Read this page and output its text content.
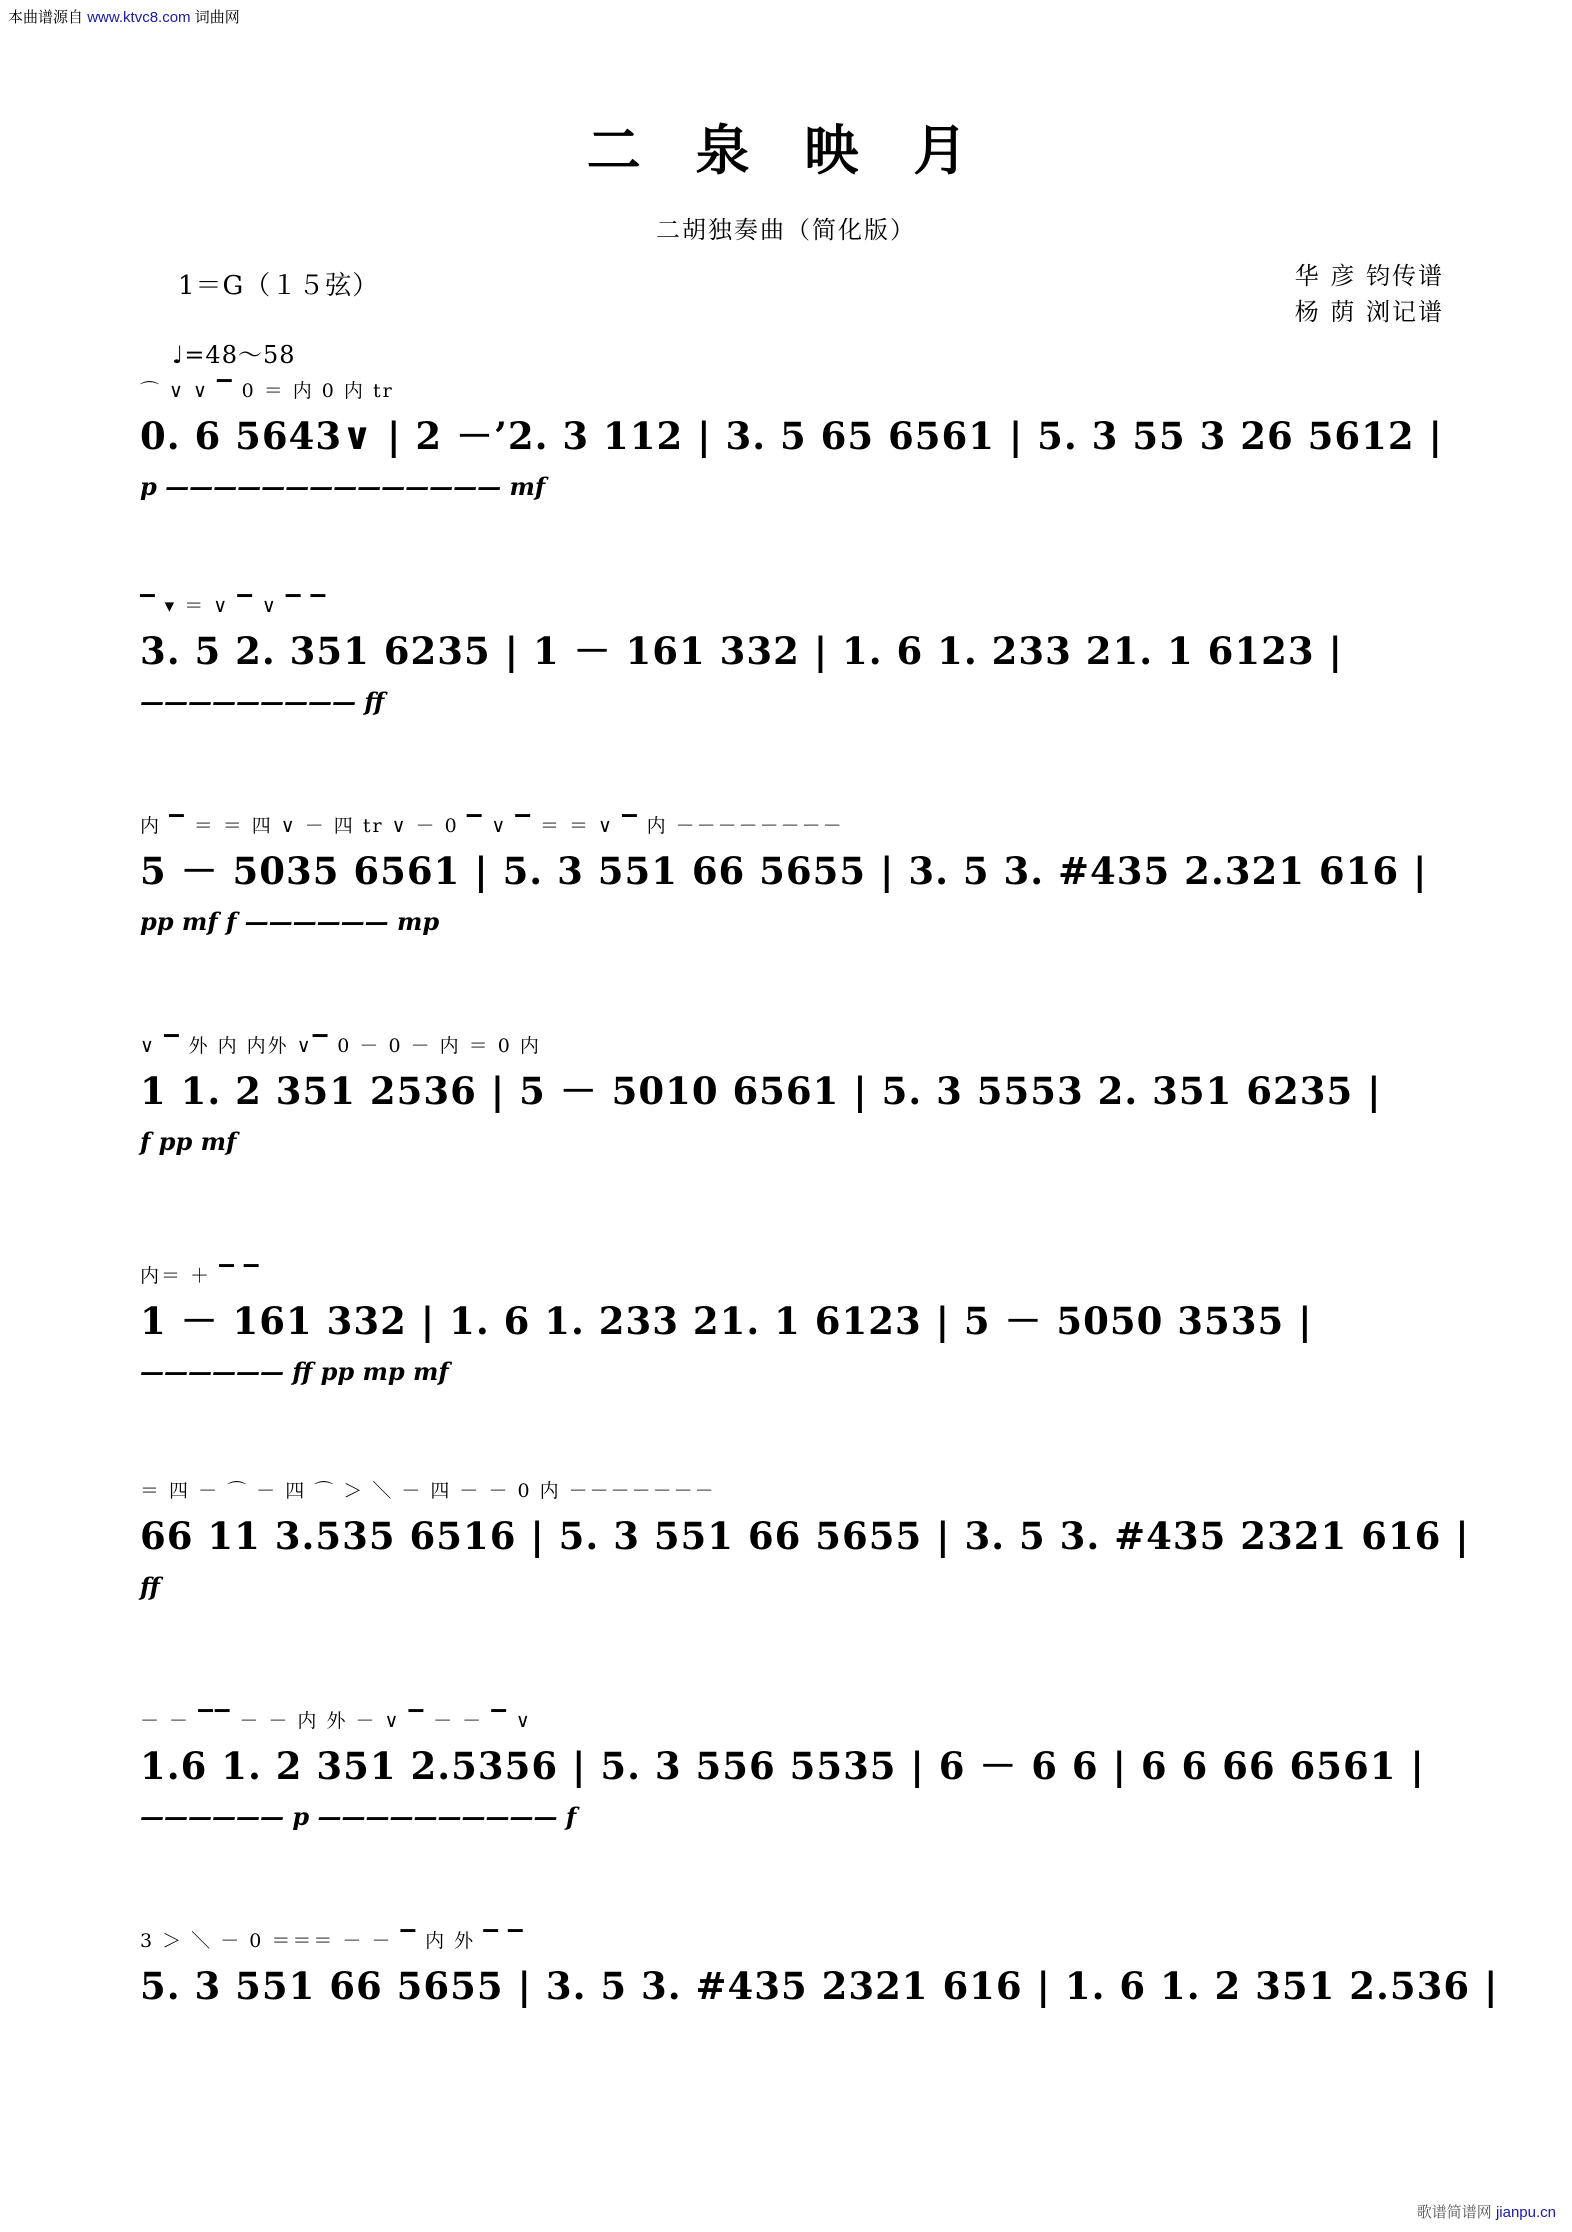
本曲谱源自 www.ktvc8.com 词曲网
二 泉 映 月
二胡独奏曲（简化版）
1＝G（１５弦）
♩=48～58
华 彦 钧传谱
杨 荫 浏记谱
⌒ ∨ ∨ ▔ 0 ＝ 内 0 内 tr
0. 6 5643∨ | 2 －’2. 3 112 | 3. 5 65 6561 | 5. 3 55 3 26 5612 |
p —————————————— mf
▔ ▾ ＝ ∨ ▔ ∨ ▔ ▔
3. 5 2. 351 6235 | 1 － 161 332 | 1. 6 1. 233 21. 1 6123 |
————————— ff
内 ▔ ＝ ＝ 四 ∨ － 四 tr ∨ － 0 ▔ ∨ ▔ ＝ ＝ ∨ ▔ 内 －－－－－－－－
5 － 5035 6561 | 5. 3 551 66 5655 | 3. 5 3. #435 2.321 616 |
pp mf f —————— mp
∨ ▔ 外 内 内外 ∨▔ 0 － 0 － 内 ＝ 0 内
1 1. 2 351 2536 | 5 － 5010 6561 | 5. 3 5553 2. 351 6235 |
f pp mf
内＝ ＋ ▔ ▔
1 － 161 332 | 1. 6 1. 233 21. 1 6123 | 5 － 5050 3535 |
—————— ff pp mp mf
＝ 四 － ⌒ － 四 ⌒ ＞ ＼ － 四 － － 0 内 －－－－－－－
66 11 3.535 6516 | 5. 3 551 66 5655 | 3. 5 3. #435 2321 616 |
ff
－ － ▔▔ － － 内 外 － ∨ ▔ － － ▔ ∨
1.6 1. 2 351 2.5356 | 5. 3 556 5535 | 6 － 6 6 | 6 6 66 6561 |
—————— p —————————— f
3 ＞ ＼ － 0 ＝＝＝ － － ▔ 内 外 ▔ ▔
5. 3 551 66 5655 | 3. 5 3. #435 2321 616 | 1. 6 1. 2 351 2.536 |
歌谱简谱网 jianpu.cn
